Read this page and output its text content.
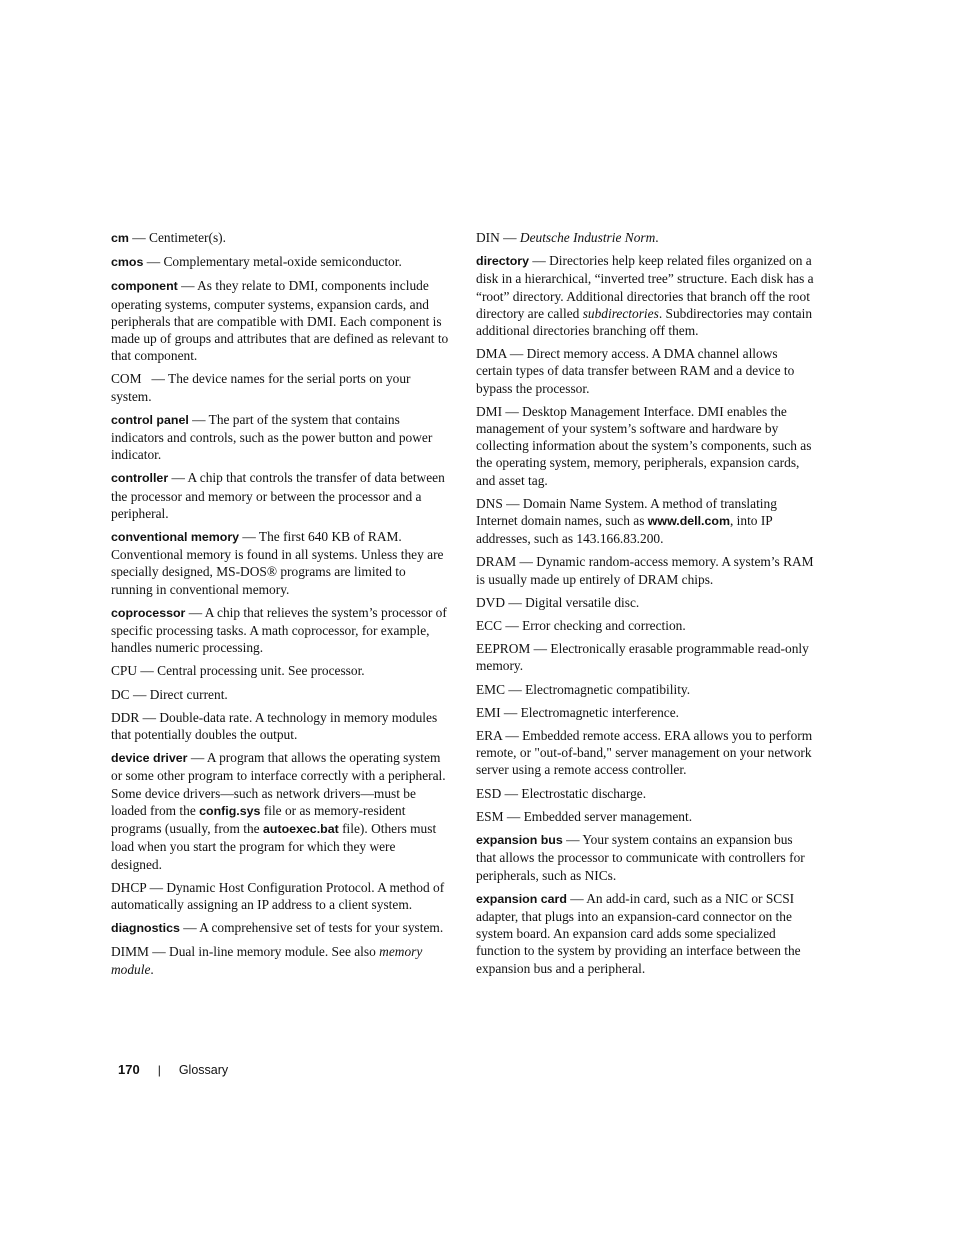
cm — Centimeter(s).

cmos — Complementary metal-oxide semiconductor.

component — As they relate to DMI, components include operating systems, computer systems, expansion cards, and peripherals that are compatible with DMI. Each component is made up of groups and attributes that are defined as relevant to that component.

COM   — The device names for the serial ports on your system.

control panel — The part of the system that contains indicators and controls, such as the power button and power indicator.

controller — A chip that controls the transfer of data between the processor and memory or between the processor and a peripheral.

conventional memory — The first 640 KB of RAM. Conventional memory is found in all systems. Unless they are specially designed, MS-DOS® programs are limited to running in conventional memory.

coprocessor — A chip that relieves the system’s processor of specific processing tasks. A math coprocessor, for example, handles numeric processing.

CPU — Central processing unit. See processor.

DC — Direct current.

DDR — Double-data rate. A technology in memory modules that potentially doubles the output.

device driver — A program that allows the operating system or some other program to interface correctly with a peripheral. Some device drivers—such as network drivers—must be loaded from the config.sys file or as memory-resident programs (usually, from the autoexec.bat file). Others must load when you start the program for which they were designed.

DHCP — Dynamic Host Configuration Protocol. A method of automatically assigning an IP address to a client system.

diagnostics — A comprehensive set of tests for your system.

DIMM — Dual in-line memory module. See also memory module.

DIN — Deutsche Industrie Norm.

directory — Directories help keep related files organized on a disk in a hierarchical, “inverted tree” structure. Each disk has a “root” directory. Additional directories that branch off the root directory are called subdirectories. Subdirectories may contain additional directories branching off them.

DMA — Direct memory access. A DMA channel allows certain types of data transfer between RAM and a device to bypass the processor.

DMI — Desktop Management Interface. DMI enables the management of your system’s software and hardware by collecting information about the system’s components, such as the operating system, memory, peripherals, expansion cards, and asset tag.

DNS — Domain Name System. A method of translating Internet domain names, such as www.dell.com, into IP addresses, such as 143.166.83.200.

DRAM — Dynamic random-access memory. A system’s RAM is usually made up entirely of DRAM chips.

DVD — Digital versatile disc.

ECC — Error checking and correction.

EEPROM — Electronically erasable programmable read-only memory.

EMC — Electromagnetic compatibility.

EMI — Electromagnetic interference.

ERA — Embedded remote access. ERA allows you to perform remote, or "out-of-band," server management on your network server using a remote access controller.

ESD — Electrostatic discharge.

ESM — Embedded server management.

expansion bus — Your system contains an expansion bus that allows the processor to communicate with controllers for peripherals, such as NICs.

expansion card — An add-in card, such as a NIC or SCSI adapter, that plugs into an expansion-card connector on the system board. An expansion card adds some specialized function to the system by providing an interface between the expansion bus and a peripheral.

170 | Glossary
